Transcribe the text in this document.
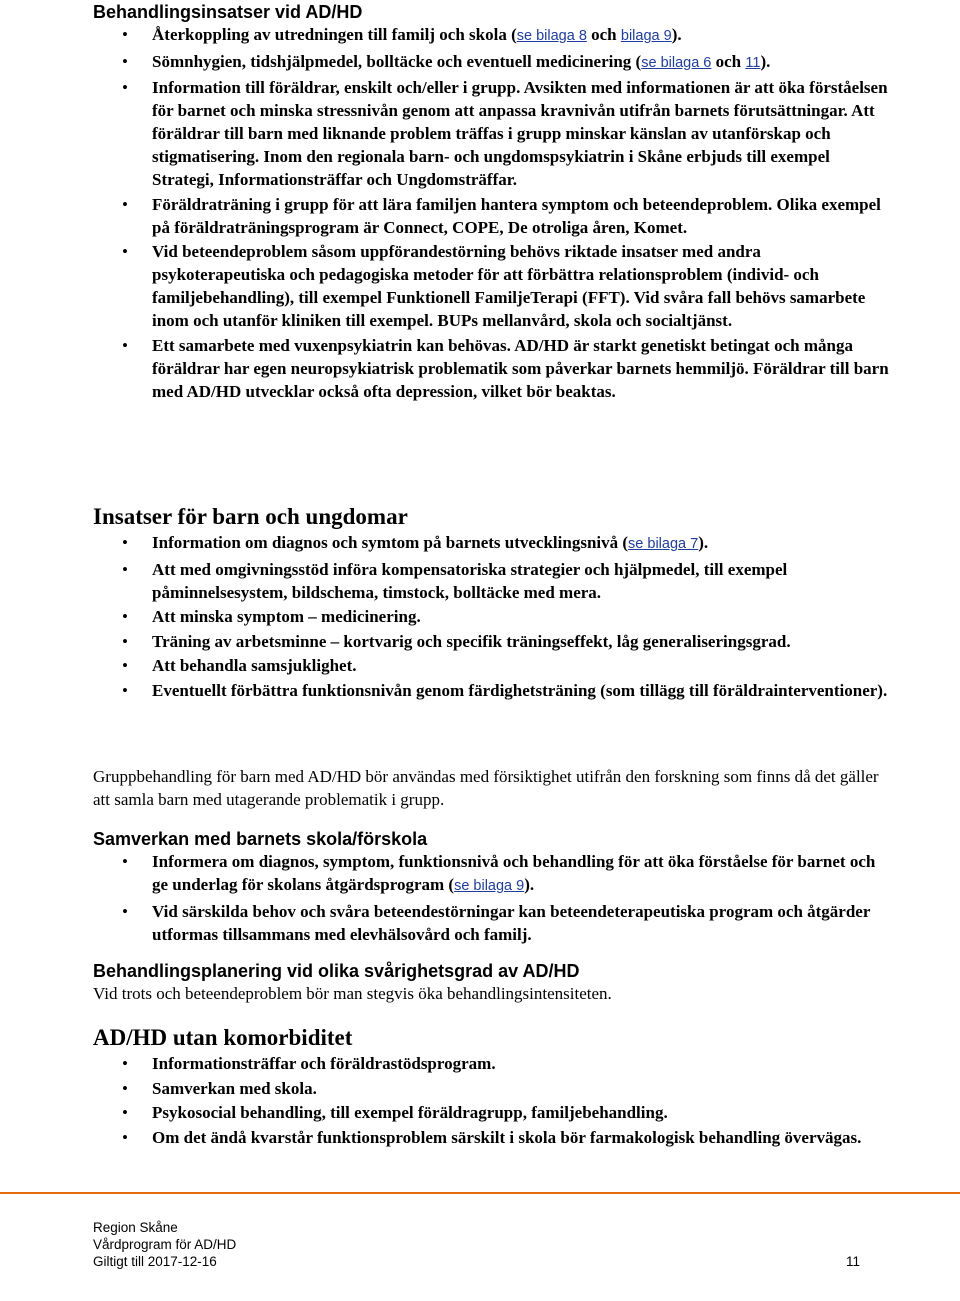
Behandlingsinsatser vid AD/HD
• Återkoppling av utredningen till familj och skola (se bilaga 8 och bilaga 9).
• Sömnhygien, tidshjälpmedel, bolltäcke och eventuell medicinering (se bilaga 6 och 11).
• Information till föräldrar, enskilt och/eller i grupp. Avsikten med informationen är att öka förståelsen för barnet och minska stressnivån genom att anpassa kravnivån utifrån barnets förutsättningar. Att föräldrar till barn med liknande problem träffas i grupp minskar känslan av utanförskap och stigmatisering. Inom den regionala barn- och ungdomspsykiatrin i Skåne erbjuds till exempel Strategi, Informationsträffar och Ungdomsträffar.
• Föräldraträning i grupp för att lära familjen hantera symptom och beteendeproblem. Olika exempel på föräldraträningsprogram är Connect, COPE, De otroliga åren, Komet.
• Vid beteendeproblem såsom uppförandestörning behövs riktade insatser med andra psykoterapeutiska och pedagogiska metoder för att förbättra relationsproblem (individ- och familjebehandling), till exempel Funktionell FamiljeTerapi (FFT). Vid svåra fall behövs samarbete inom och utanför kliniken till exempel. BUPs mellanvård, skola och socialtjänst.
• Ett samarbete med vuxenpsykiatrin kan behövas. AD/HD är starkt genetiskt betingat och många föräldrar har egen neuropsykiatrisk problematik som påverkar barnets hemmiljö. Föräldrar till barn med AD/HD utvecklar också ofta depression, vilket bör beaktas.
Insatser för barn och ungdomar
• Information om diagnos och symtom på barnets utvecklingsnivå (se bilaga 7).
• Att med omgivningsstöd införa kompensatoriska strategier och hjälpmedel, till exempel påminnelsesystem, bildschema, timstock, bolltäcke med mera.
• Att minska symptom – medicinering.
• Träning av arbetsminne – kortvarig och specifik träningseffekt, låg generaliseringsgrad.
• Att behandla samsjuklighet.
• Eventuellt förbättra funktionsnivån genom färdighetsträning (som tillägg till föräldrainterventioner).

Gruppbehandling för barn med AD/HD bör användas med försiktighet utifrån den forskning som finns då det gäller att samla barn med utagerande problematik i grupp.

Samverkan med barnets skola/förskola
• Informera om diagnos, symptom, funktionsnivå och behandling för att öka förståelse för barnet och ge underlag för skolans åtgärdsprogram (se bilaga 9).
• Vid särskilda behov och svåra beteendestörningar kan beteendeterapeutiska program och åtgärder utformas tillsammans med elevhälsovård och familj.
Behandlingsplanering vid olika svårighetsgrad av AD/HD

Vid trots och beteendeproblem bör man stegvis öka behandlingsintensiteten.

AD/HD utan komorbiditet
• Informationsträffar och föräldrastödsprogram.
• Samverkan med skola.
• Psykosocial behandling, till exempel föräldragrupp, familjebehandling.
• Om det ändå kvarstår funktionsproblem särskilt i skola bör farmakologisk behandling övervägas.
Region Skåne
Vårdprogram för AD/HD
Giltigt till 2017-12-16	11
